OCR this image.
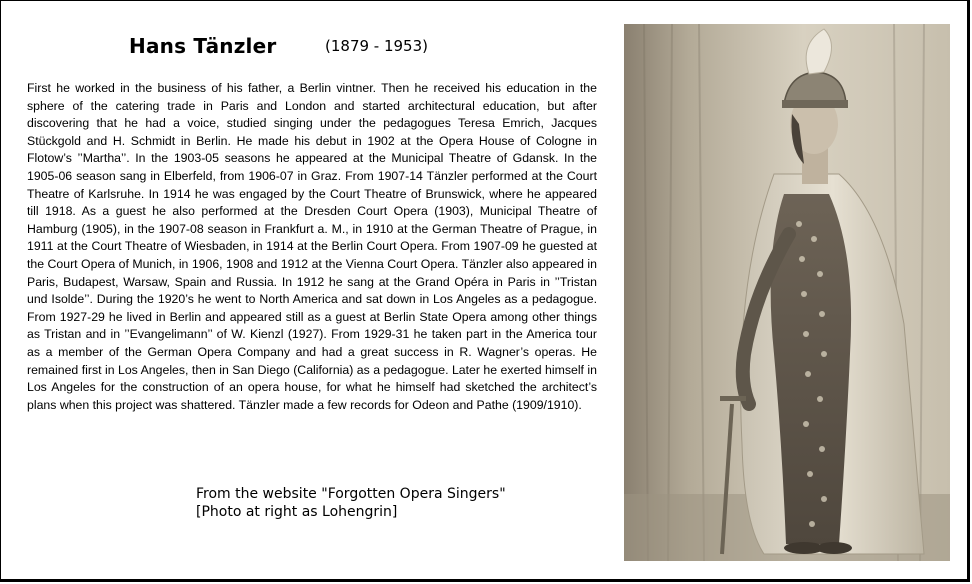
Hans Tänzler	(1879 - 1953)

First he worked in the business of his father, a Berlin vintner. Then he received his education in the sphere of the catering trade in Paris and London and started architectural education, but after discovering that he had a voice, studied singing under the pedagogues Teresa Emrich, Jacques Stückgold and H. Schmidt in Berlin. He made his debut in 1902 at the Opera House of Cologne in Flotow’s ’’Martha’’. In the 1903-05 seasons he appeared at the Municipal Theatre of Gdansk. In the 1905-06 season sang in Elberfeld, from 1906-07 in Graz. From 1907-14 Tänzler performed at the Court Theatre of Karlsruhe. In 1914 he was engaged by the Court Theatre of Brunswick, where he appeared till 1918. As a guest he also performed at the Dresden Court Opera (1903), Municipal Theatre of Hamburg (1905), in the 1907-08 season in Frankfurt a. M., in 1910 at the German Theatre of Prague, in 1911 at the Court Theatre of Wiesbaden, in 1914 at the Berlin Court Opera. From 1907-09 he guested at the Court Opera of Munich, in 1906, 1908 and 1912 at the Vienna Court Opera. Tänzler also appeared in Paris, Budapest, Warsaw, Spain and Russia. In 1912 he sang at the Grand Opéra in Paris in ’’Tristan und Isolde’’. During the 1920’s he went to North America and sat down in Los Angeles as a pedagogue. From 1927-29 he lived in Berlin and appeared still as a guest at Berlin State Opera among other things as Tristan and in ’’Evangelimann’’ of W. Kienzl (1927). From 1929-31 he taken part in the America tour as a member of the German Opera Company and had a great success in R. Wagner’s operas. He remained first in Los Angeles, then in San Diego (California) as a pedagogue. Later he exerted himself in Los Angeles for the construction of an opera house, for what he himself had sketched the architect’s plans when this project was shattered. Tänzler made a few records for Odeon and Pathe (1909/1910).

From the website "Forgotten Opera Singers"
[Photo at right as Lohengrin]
